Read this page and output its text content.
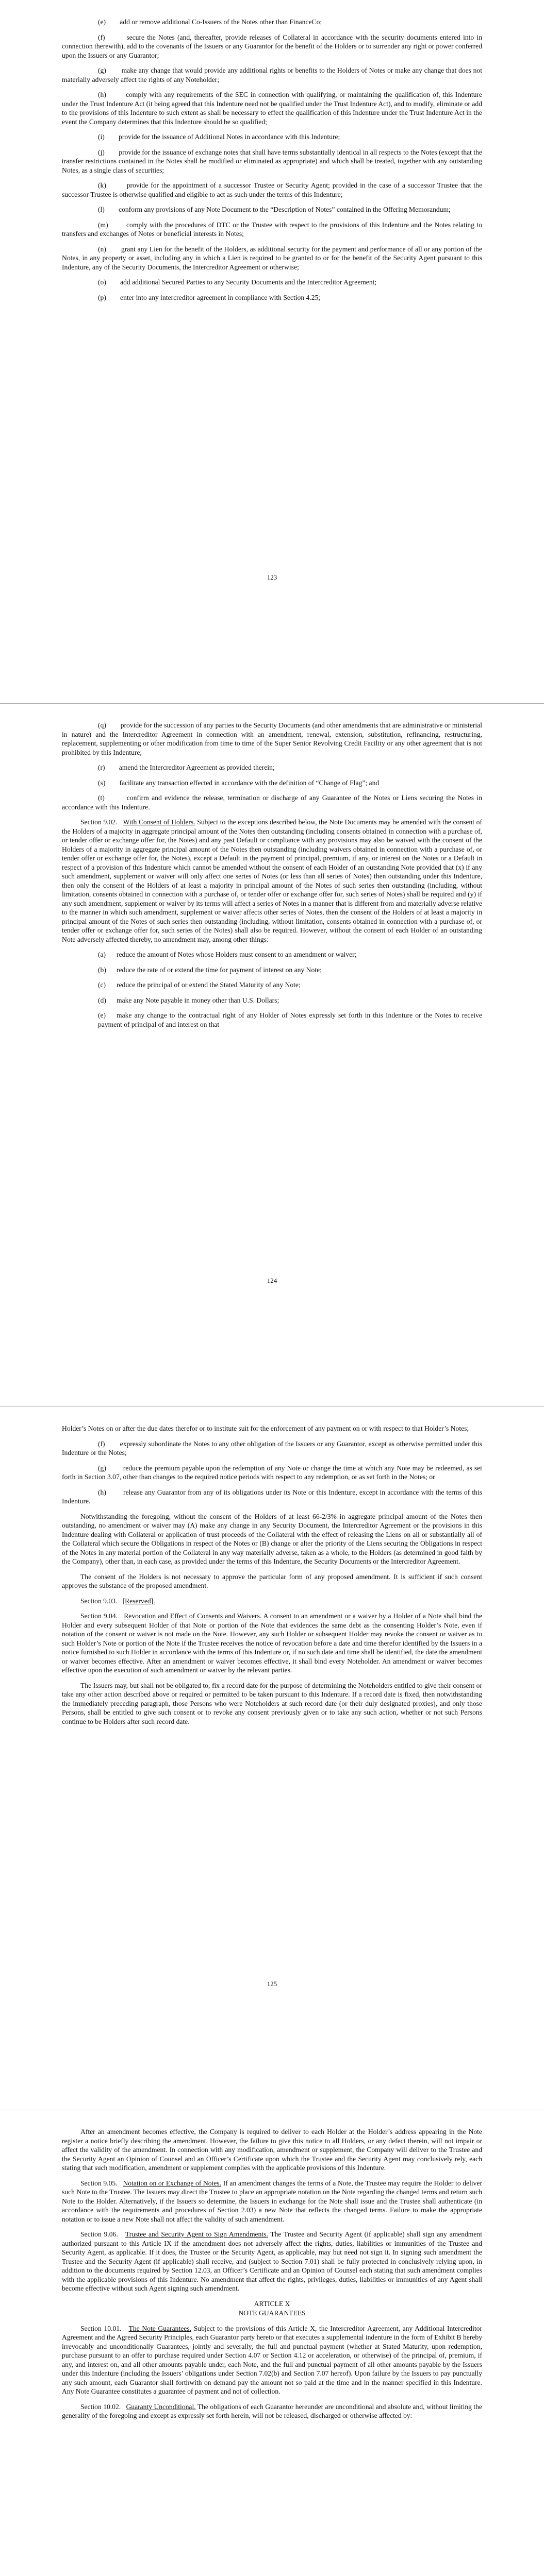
(e) add or remove additional Co-Issuers of the Notes other than FinanceCo;

(f)	secure the Notes (and, thereafter, provide releases of Collateral in accordance with the security documents entered into in connection therewith), add to the covenants of the Issuers or any Guarantor for the benefit of the Holders or to surrender any right or power conferred upon the Issuers or any Guarantor;

(g) make any change that would provide any additional rights or benefits to the Holders of Notes or make any change that does not materially adversely affect the rights of any Noteholder;

(h)	comply with any requirements of the SEC in connection with qualifying, or maintaining the qualification of, this Indenture under the Trust Indenture Act (it being agreed that this Indenture need not be qualified under the Trust Indenture Act), and to modify, eliminate or add to the provisions of this Indenture to such extent as shall be necessary to effect the qualification of this Indenture under the Trust Indenture Act in the event the Company determines that this Indenture should be so qualified;

(i) provide for the issuance of Additional Notes in accordance with this Indenture;

(j) provide for the issuance of exchange notes that shall have terms substantially identical in all respects to the Notes (except that the transfer restrictions contained in the Notes shall be modified or eliminated as appropriate) and which shall be treated, together with any outstanding Notes, as a single class of securities;

(k)	provide for the appointment of a successor Trustee or Security Agent; provided in the case of a successor Trustee that the successor Trustee is otherwise qualified and eligible to act as such under the terms of this Indenture;

(l) conform any provisions of any Note Document to the “Description of Notes” contained in the Offering Memorandum;

(m)	comply with the procedures of DTC or the Trustee with respect to the provisions of this Indenture and the Notes relating to transfers and exchanges of Notes or beneficial interests in Notes;

(n) grant any Lien for the benefit of the Holders, as additional security for the payment and performance of all or any portion of the Notes, in any property or asset, including any in which a Lien is required to be granted to or for the benefit of the Security Agent pursuant to this Indenture, any of the Security Documents, the Intercreditor Agreement or otherwise;

(o) add additional Secured Parties to any Security Documents and the Intercreditor Agreement;

(p) enter into any intercreditor agreement in compliance with Section 4.25;

123

(q) provide for the succession of any parties to the Security Documents (and other amendments that are administrative or ministerial in nature) and the Intercreditor Agreement in connection with an amendment, renewal, extension, substitution, refinancing, restructuring, replacement, supplementing or other modification from time to time of the Super Senior Revolving Credit Facility or any other agreement that is not prohibited by this Indenture;

(r) amend the Intercreditor Agreement as provided therein;

(s) facilitate any transaction effected in accordance with the definition of “Change of Flag”; and

(t)	confirm and evidence the release, termination or discharge of any Guarantee of the Notes or Liens securing the Notes in accordance with this Indenture.

Section 9.02. With Consent of Holders. Subject to the exceptions described below, the Note Documents may be amended with the consent of the Holders of a majority in aggregate principal amount of the Notes then outstanding (including consents obtained in connection with a purchase of, or tender offer or exchange offer for, the Notes) and any past Default or compliance with any provisions may also be waived with the consent of the Holders of a majority in aggregate principal amount of the Notes then outstanding (including waivers obtained in connection with a purchase of, or tender offer or exchange offer for, the Notes), except a Default in the payment of principal, premium, if any, or interest on the Notes or a Default in respect of a provision of this Indenture which cannot be amended without the consent of each Holder of an outstanding Note provided that (x) if any such amendment, supplement or waiver will only affect one series of Notes (or less than all series of Notes) then outstanding under this Indenture, then only the consent of the Holders of at least a majority in principal amount of the Notes of such series then outstanding (including, without limitation, consents obtained in connection with a purchase of, or tender offer or exchange offer for, such series of Notes) shall be required and (y) if any such amendment, supplement or waiver by its terms will affect a series of Notes in a manner that is different from and materially adverse relative to the manner in which such amendment, supplement or waiver affects other series of Notes, then the consent of the Holders of at least a majority in principal amount of the Notes of such series then outstanding (including, without limitation, consents obtained in connection with a purchase of, or tender offer or exchange offer for, such series of the Notes) shall also be required. However, without the consent of each Holder of an outstanding Note adversely affected thereby, no amendment may, among other things:

(a) reduce the amount of Notes whose Holders must consent to an amendment or waiver;

(b) reduce the rate of or extend the time for payment of interest on any Note;

(c) reduce the principal of or extend the Stated Maturity of any Note;

(d) make any Note payable in money other than U.S. Dollars;

(e) make any change to the contractual right of any Holder of Notes expressly set forth in this Indenture or the Notes to receive payment of principal of and interest on that

124

Holder’s Notes on or after the due dates therefor or to institute suit for the enforcement of any payment on or with respect to that Holder’s Notes;

(f) expressly subordinate the Notes to any other obligation of the Issuers or any Guarantor, except as otherwise permitted under this Indenture or the Notes;

(g) reduce the premium payable upon the redemption of any Note or change the time at which any Note may be redeemed, as set forth in Section 3.07, other than changes to the required notice periods with respect to any redemption, or as set forth in the Notes; or

(h) release any Guarantor from any of its obligations under its Note or this Indenture, except in accordance with the terms of this Indenture.

Notwithstanding the foregoing, without the consent of the Holders of at least 66-2/3% in aggregate principal amount of the Notes then outstanding, no amendment or waiver may (A) make any change in any Security Document, the Intercreditor Agreement or the provisions in this Indenture dealing with Collateral or application of trust proceeds of the Collateral with the effect of releasing the Liens on all or substantially all of the Collateral which secure the Obligations in respect of the Notes or (B) change or alter the priority of the Liens securing the Obligations in respect of the Notes in any material portion of the Collateral in any way materially adverse, taken as a whole, to the Holders (as determined in good faith by the Company), other than, in each case, as provided under the terms of this Indenture, the Security Documents or the Intercreditor Agreement.

The consent of the Holders is not necessary to approve the particular form of any proposed amendment. It is sufficient if such consent approves the substance of the proposed amendment.

Section 9.03. [Reserved].

Section 9.04. Revocation and Effect of Consents and Waivers. A consent to an amendment or a waiver by a Holder of a Note shall bind the Holder and every subsequent Holder of that Note or portion of the Note that evidences the same debt as the consenting Holder’s Note, even if notation of the consent or waiver is not made on the Note. However, any such Holder or subsequent Holder may revoke the consent or waiver as to such Holder’s Note or portion of the Note if the Trustee receives the notice of revocation before a date and time therefor identified by the Issuers in a notice furnished to such Holder in accordance with the terms of this Indenture or, if no such date and time shall be identified, the date the amendment or waiver becomes effective. After an amendment or waiver becomes effective, it shall bind every Noteholder. An amendment or waiver becomes effective upon the execution of such amendment or waiver by the relevant parties.

The Issuers may, but shall not be obligated to, fix a record date for the purpose of determining the Noteholders entitled to give their consent or take any other action described above or required or permitted to be taken pursuant to this Indenture. If a record date is fixed, then notwithstanding the immediately preceding paragraph, those Persons who were Noteholders at such record date (or their duly designated proxies), and only those Persons, shall be entitled to give such consent or to revoke any consent previously given or to take any such action, whether or not such Persons continue to be Holders after such record date.

125

After an amendment becomes effective, the Company is required to deliver to each Holder at the Holder’s address appearing in the Note register a notice briefly describing the amendment. However, the failure to give this notice to all Holders, or any defect therein, will not impair or affect the validity of the amendment. In connection with any modification, amendment or supplement, the Company will deliver to the Trustee and the Security Agent an Opinion of Counsel and an Officer’s Certificate upon which the Trustee and the Security Agent may conclusively rely, each stating that such modification, amendment or supplement complies with the applicable provisions of this Indenture.

Section 9.05. Notation on or Exchange of Notes. If an amendment changes the terms of a Note, the Trustee may require the Holder to deliver such Note to the Trustee. The Issuers may direct the Trustee to place an appropriate notation on the Note regarding the changed terms and return such Note to the Holder. Alternatively, if the Issuers so determine, the Issuers in exchange for the Note shall issue and the Trustee shall authenticate (in accordance with the requirements and procedures of Section 2.03) a new Note that reflects the changed terms. Failure to make the appropriate notation or to issue a new Note shall not affect the validity of such amendment.

Section 9.06. Trustee and Security Agent to Sign Amendments. The Trustee and Security Agent (if applicable) shall sign any amendment authorized pursuant to this Article IX if the amendment does not adversely affect the rights, duties, liabilities or immunities of the Trustee and Security Agent, as applicable. If it does, the Trustee or the Security Agent, as applicable, may but need not sign it. In signing such amendment the Trustee and the Security Agent (if applicable) shall receive, and (subject to Section 7.01) shall be fully protected in conclusively relying upon, in addition to the documents required by Section 12.03, an Officer’s Certificate and an Opinion of Counsel each stating that such amendment complies with the applicable provisions of this Indenture. No amendment that affect the rights, privileges, duties, liabilities or immunities of any Agent shall become effective without such Agent signing such amendment.

ARTICLE X

NOTE GUARANTEES

Section 10.01. The Note Guarantees. Subject to the provisions of this Article X, the Intercreditor Agreement, any Additional Intercreditor Agreement and the Agreed Security Principles, each Guarantor party hereto or that executes a supplemental indenture in the form of Exhibit B hereby irrevocably and unconditionally Guarantees, jointly and severally, the full and punctual payment (whether at Stated Maturity, upon redemption, purchase pursuant to an offer to purchase required under Section 4.07 or Section 4.12 or acceleration, or otherwise) of the principal of, premium, if any, and interest on, and all other amounts payable under, each Note, and the full and punctual payment of all other amounts payable by the Issuers under this Indenture (including the Issuers’ obligations under Section 7.02(b) and Section 7.07 hereof). Upon failure by the Issuers to pay punctually any such amount, each Guarantor shall forthwith on demand pay the amount not so paid at the time and in the manner specified in this Indenture. Any Note Guarantee constitutes a guarantee of payment and not of collection.

Section 10.02. Guaranty Unconditional. The obligations of each Guarantor hereunder are unconditional and absolute and, without limiting the generality of the foregoing and except as expressly set forth herein, will not be released, discharged or otherwise affected by:
